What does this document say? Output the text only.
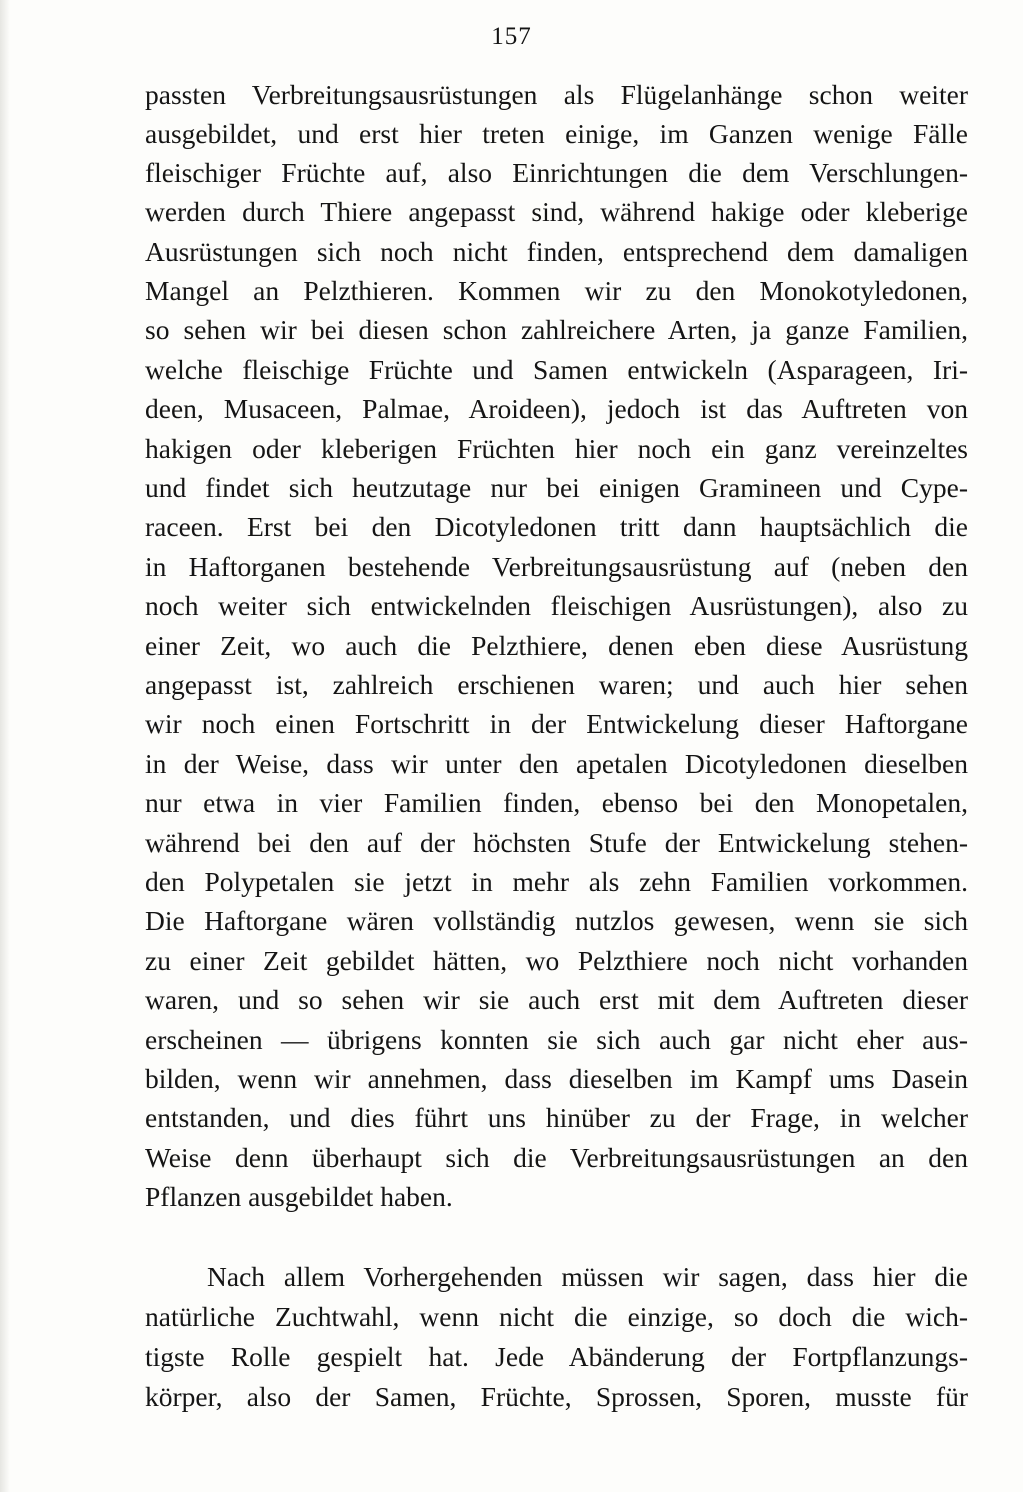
157
passten Verbreitungsausrüstungen als Flügelanhänge schon weiter
ausgebildet, und erst hier treten einige, im Ganzen wenige Fälle
fleischiger Früchte auf, also Einrichtungen die dem Verschlungen-
werden durch Thiere angepasst sind, während hakige oder kleberige
Ausrüstungen sich noch nicht finden, entsprechend dem damaligen
Mangel an Pelzthieren. Kommen wir zu den Monokotyledonen,
so sehen wir bei diesen schon zahlreichere Arten, ja ganze Familien,
welche fleischige Früchte und Samen entwickeln (Asparageen, Iri-
deen, Musaceen, Palmae, Aroideen), jedoch ist das Auftreten von
hakigen oder kleberigen Früchten hier noch ein ganz vereinzeltes
und findet sich heutzutage nur bei einigen Gramineen und Cype-
raceen. Erst bei den Dicotyledonen tritt dann hauptsächlich die
in Haftorganen bestehende Verbreitungsausrüstung auf (neben den
noch weiter sich entwickelnden fleischigen Ausrüstungen), also zu
einer Zeit, wo auch die Pelzthiere, denen eben diese Ausrüstung
angepasst ist, zahlreich erschienen waren; und auch hier sehen
wir noch einen Fortschritt in der Entwickelung dieser Haftorgane
in der Weise, dass wir unter den apetalen Dicotyledonen dieselben
nur etwa in vier Familien finden, ebenso bei den Monopetalen,
während bei den auf der höchsten Stufe der Entwickelung stehen-
den Polypetalen sie jetzt in mehr als zehn Familien vorkommen.
Die Haftorgane wären vollständig nutzlos gewesen, wenn sie sich
zu einer Zeit gebildet hätten, wo Pelzthiere noch nicht vorhanden
waren, und so sehen wir sie auch erst mit dem Auftreten dieser
erscheinen — übrigens konnten sie sich auch gar nicht eher aus-
bilden, wenn wir annehmen, dass dieselben im Kampf ums Dasein
entstanden, und dies führt uns hinüber zu der Frage, in welcher
Weise denn überhaupt sich die Verbreitungsausrüstungen an den
Pflanzen ausgebildet haben.
Nach allem Vorhergehenden müssen wir sagen, dass hier die
natürliche Zuchtwahl, wenn nicht die einzige, so doch die wich-
tigste Rolle gespielt hat. Jede Abänderung der Fortpflanzungs-
körper, also der Samen, Früchte, Sprossen, Sporen, musste für
